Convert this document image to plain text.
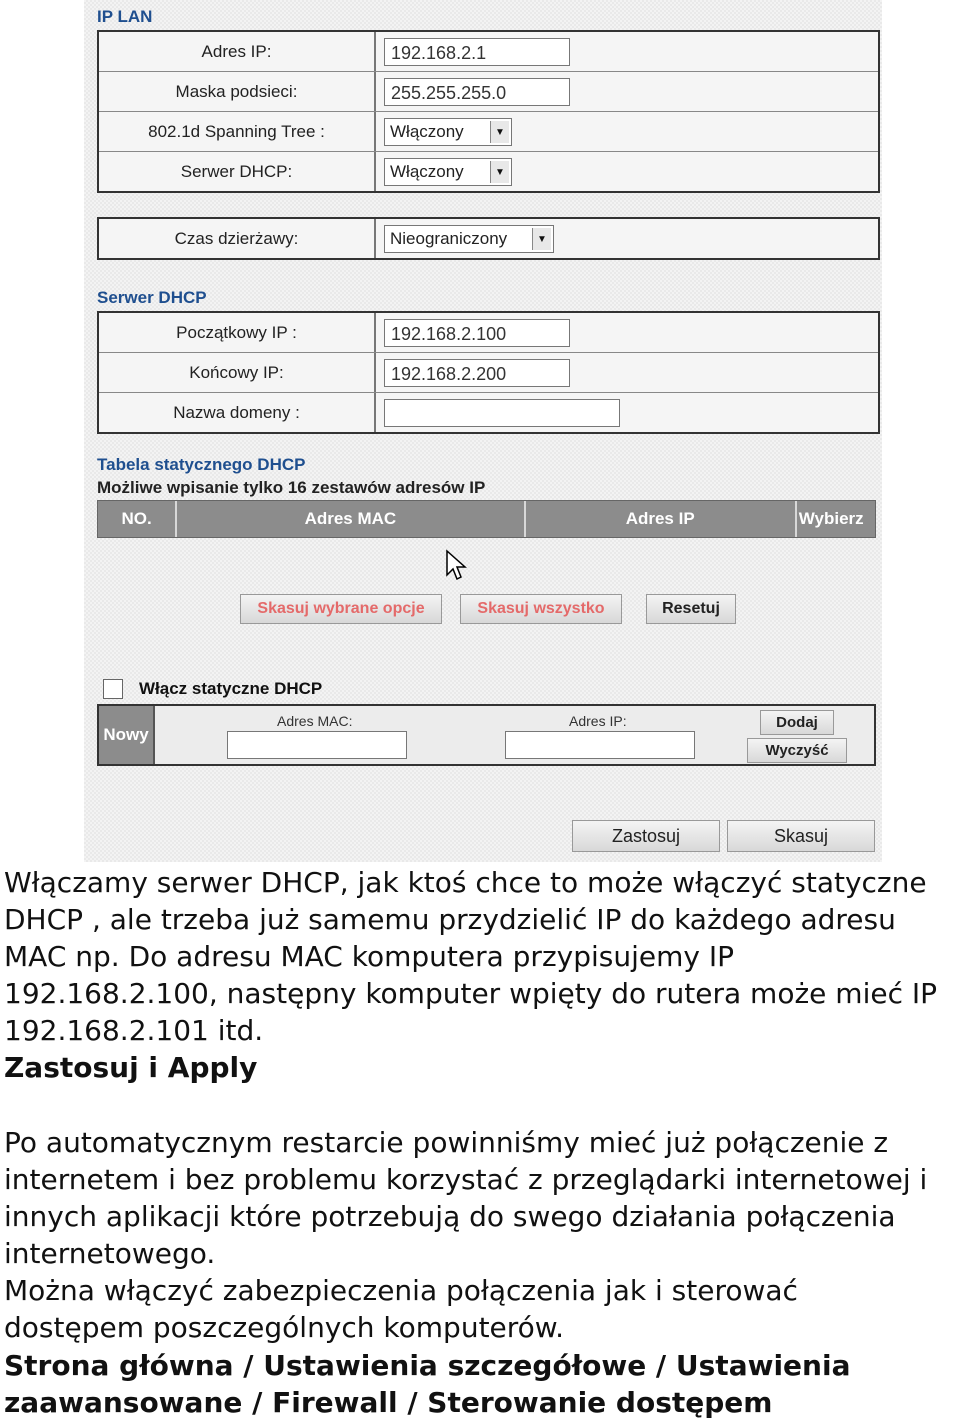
IP LAN
Adres IP:	192.168.2.1
Maska podsieci:	255.255.255.0
802.1d Spanning Tree :	Włączony	▼
Serwer DHCP:	Włączony	▼
Czas dzierżawy:	Nieograniczony	▼
Serwer DHCP
Początkowy IP :	192.168.2.100
Końcowy IP:	192.168.2.200
Nazwa domeny :
Tabela statycznego DHCP
Możliwe wpisanie tylko 16 zestawów adresów IP
NO.	Adres MAC	Adres IP	Wybierz
Skasuj wybrane opcje	Skasuj wszystko	Resetuj
Włącz statyczne DHCP
Nowy
Adres MAC:	Adres IP:	Dodaj
Wyczyść
Zastosuj	Skasuj
Włączamy serwer DHCP, jak ktoś chce to może włączyć statyczne
DHCP , ale trzeba już samemu przydzielić IP do każdego adresu
MAC np. Do adresu MAC komputera przypisujemy IP
192.168.2.100, następny komputer wpięty do rutera może mieć IP
192.168.2.101 itd.
Zastosuj i Apply
Po automatycznym restarcie powinniśmy mieć już połączenie z
internetem i bez problemu korzystać z przeglądarki internetowej i
innych aplikacji które potrzebują do swego działania połączenia
internetowego.
Można włączyć zabezpieczenia połączenia jak i sterować
dostępem poszczególnych komputerów.
Strona główna / Ustawienia szczegółowe / Ustawienia
zaawansowane / Firewall / Sterowanie dostępem
